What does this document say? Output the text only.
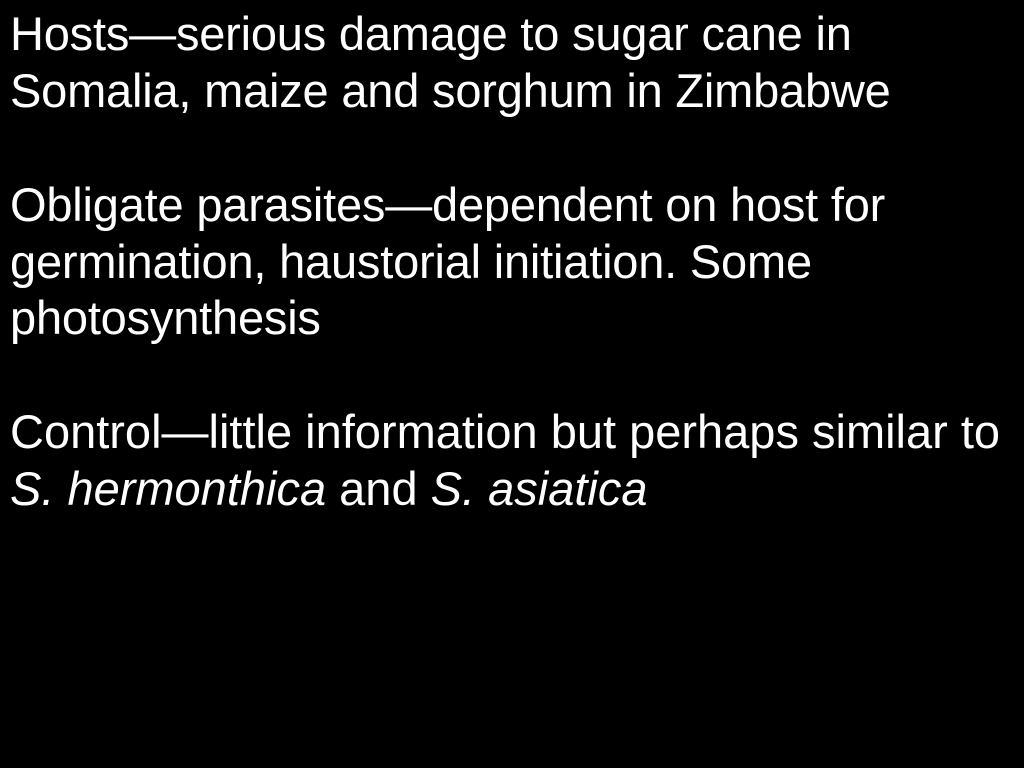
Hosts—serious damage to sugar cane in Somalia, maize and sorghum in Zimbabwe
Obligate parasites—dependent on host for germination, haustorial initiation. Some photosynthesis
Control—little information but perhaps similar to S. hermonthica and S. asiatica
